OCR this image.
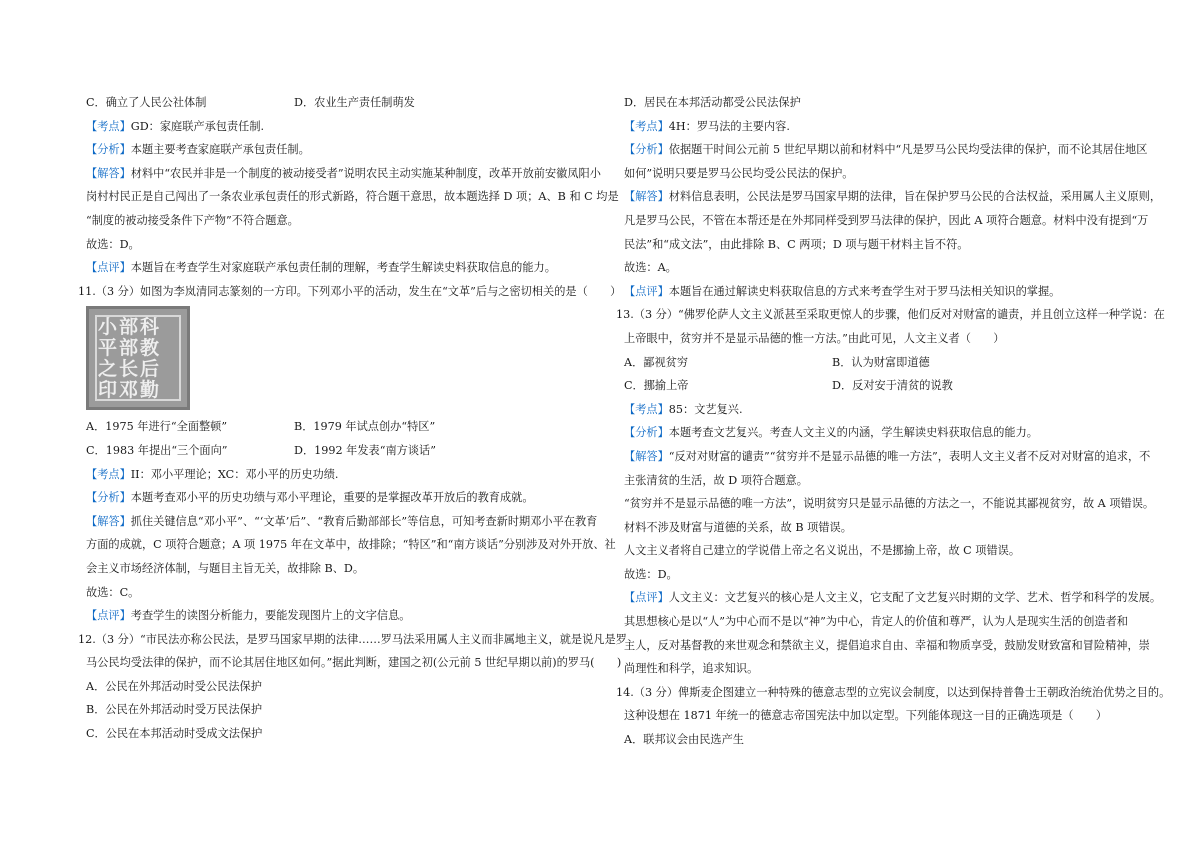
C．确立了人民公社体制	D．农业生产责任制萌发
【考点】GD：家庭联产承包责任制.
【分析】本题主要考查家庭联产承包责任制。
【解答】材料中“农民并非是一个制度的被动接受者”说明农民主动实施某种制度，改革开放前安徽凤阳小
岗村村民正是自己闯出了一条农业承包责任的形式新路，符合题干意思，故本题选择 D 项；A、B 和 C 均是
“制度的被动接受条件下产物”不符合题意。
故选：D。
【点评】本题旨在考查学生对家庭联产承包责任制的理解，考查学生解读史料获取信息的能力。
11.（3 分）如图为李岚清同志篆刻的一方印。下列邓小平的活动，发生在“文革”后与之密切相关的是（　　）
小 部 科
平 部 教
之 长 后
印 邓 勤
A．1975 年进行“全面整顿”	B．1979 年试点创办“特区”
C．1983 年提出“三个面向”	D．1992 年发表“南方谈话”
【考点】II：邓小平理论；XC：邓小平的历史功绩.
【分析】本题考查邓小平的历史功绩与邓小平理论，重要的是掌握改革开放后的教育成就。
【解答】抓住关键信息“邓小平”、“‘文革’后”、“教育后勤部部长”等信息，可知考查新时期邓小平在教育
方面的成就，C 项符合题意；A 项 1975 年在文革中，故排除；“特区”和“南方谈话”分别涉及对外开放、社
会主义市场经济体制，与题目主旨无关，故排除 B、D。
故选：C。
【点评】考查学生的读图分析能力，要能发现图片上的文字信息。
12.（3 分）“市民法亦称公民法，是罗马国家早期的法律……罗马法采用属人主义而非属地主义，就是说凡是罗
马公民均受法律的保护，而不论其居住地区如何。”据此判断，建国之初(公元前 5 世纪早期以前)的罗马(　　)
A．公民在外邦活动时受公民法保护
B．公民在外邦活动时受万民法保护
C．公民在本邦活动时受成文法保护
D．居民在本邦活动都受公民法保护
【考点】4H：罗马法的主要内容.
【分析】依据题干时间公元前 5 世纪早期以前和材料中“凡是罗马公民均受法律的保护，而不论其居住地区
如何”说明只要是罗马公民均受公民法的保护。
【解答】材料信息表明，公民法是罗马国家早期的法律，旨在保护罗马公民的合法权益，采用属人主义原则，
凡是罗马公民，不管在本帮还是在外邦同样受到罗马法律的保护，因此 A 项符合题意。材料中没有提到“万
民法”和“成文法”，由此排除 B、C 两项；D 项与题干材料主旨不符。
故选：A。
【点评】本题旨在通过解读史料获取信息的方式来考查学生对于罗马法相关知识的掌握。
13.（3 分）“佛罗伦萨人文主义派甚至采取更惊人的步骤，他们反对对财富的谴责，并且创立这样一种学说：在
上帝眼中，贫穷并不是显示品德的惟一方法。”由此可见，人文主义者（　　）
A．鄙视贫穷	B．认为财富即道德
C．挪揄上帝	D．反对安于清贫的说教
【考点】85：文艺复兴.
【分析】本题考查文艺复兴。考查人文主义的内涵，学生解读史料获取信息的能力。
【解答】“反对对财富的谴责”“贫穷并不是显示品德的唯一方法”，表明人文主义者不反对对财富的追求，不
主张清贫的生活，故 D 项符合题意。
“贫穷并不是显示品德的唯一方法”，说明贫穷只是显示品德的方法之一，不能说其鄙视贫穷，故 A 项错误。
材料不涉及财富与道德的关系，故 B 项错误。
人文主义者将自己建立的学说借上帝之名义说出，不是挪揄上帝，故 C 项错误。
故选：D。
【点评】人文主义：文艺复兴的核心是人文主义，它支配了文艺复兴时期的文学、艺术、哲学和科学的发展。
其思想核心是以“人”为中心而不是以“神”为中心，肯定人的价值和尊严，认为人是现实生活的创造者和
主人，反对基督教的来世观念和禁欲主义，提倡追求自由、幸福和物质享受，鼓励发财致富和冒险精神，崇
尚理性和科学，追求知识。
14.（3 分）俾斯麦企图建立一种特殊的德意志型的立宪议会制度，以达到保持普鲁士王朝政治统治优势之目的。
这种设想在 1871 年统一的德意志帝国宪法中加以定型。下列能体现这一目的正确选项是（　　）
A．联邦议会由民选产生
